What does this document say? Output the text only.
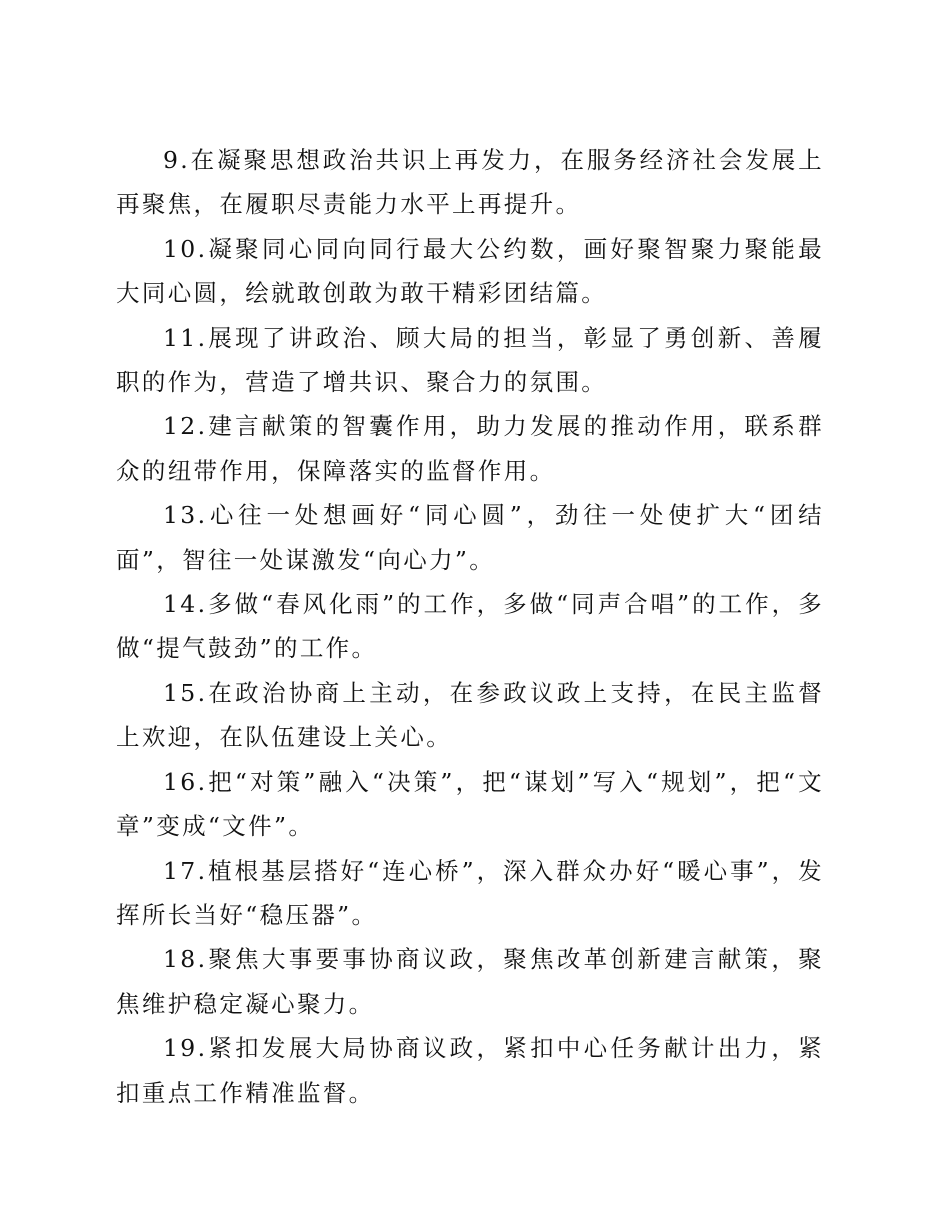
9.在凝聚思想政治共识上再发力，在服务经济社会发展上再聚焦，在履职尽责能力水平上再提升。

10.凝聚同心同向同行最大公约数，画好聚智聚力聚能最大同心圆，绘就敢创敢为敢干精彩团结篇。

11.展现了讲政治、顾大局的担当，彰显了勇创新、善履职的作为，营造了增共识、聚合力的氛围。

12.建言献策的智囊作用，助力发展的推动作用，联系群众的纽带作用，保障落实的监督作用。

13.心往一处想画好“同心圆”，劲往一处使扩大“团结面”，智往一处谋激发“向心力”。

14.多做“春风化雨”的工作，多做“同声合唱”的工作，多做“提气鼓劲”的工作。

15.在政治协商上主动，在参政议政上支持，在民主监督上欢迎，在队伍建设上关心。

16.把“对策”融入“决策”，把“谋划”写入“规划”，把“文章”变成“文件”。

17.植根基层搭好“连心桥”，深入群众办好“暖心事”，发挥所长当好“稳压器”。

18.聚焦大事要事协商议政，聚焦改革创新建言献策，聚焦维护稳定凝心聚力。

19.紧扣发展大局协商议政，紧扣中心任务献计出力，紧扣重点工作精准监督。
